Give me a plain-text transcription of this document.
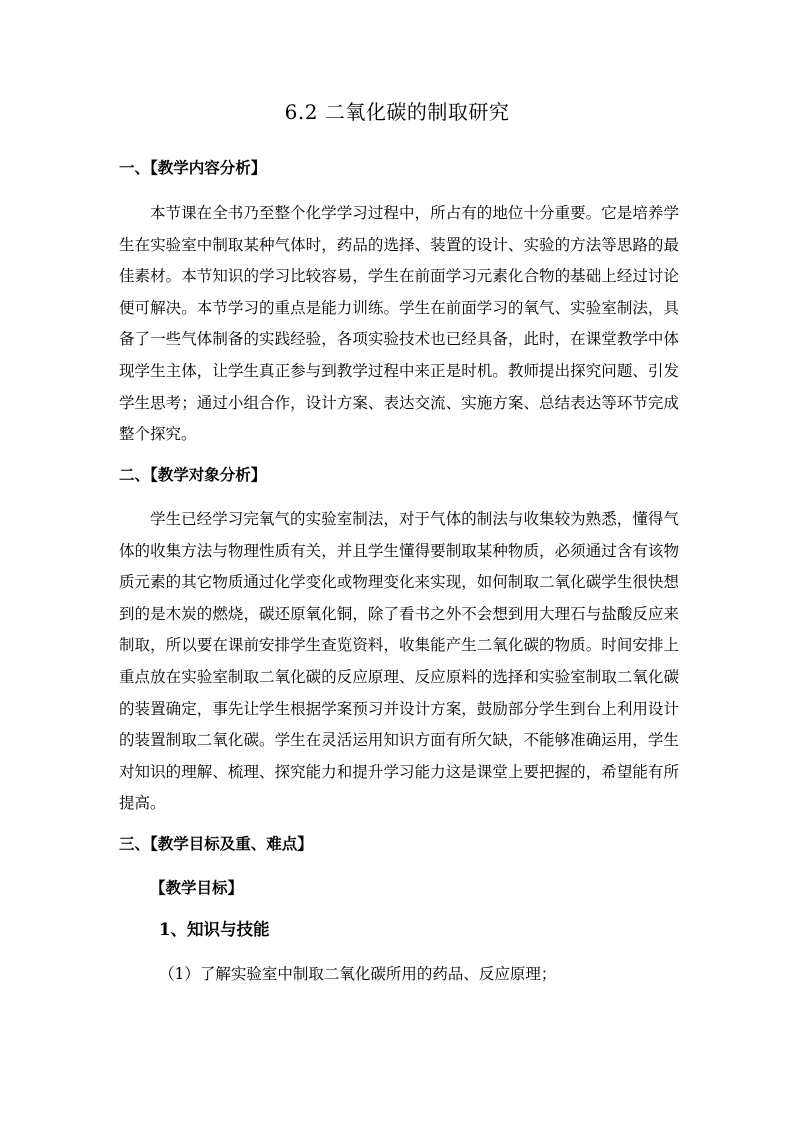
6.2 二氧化碳的制取研究
一、【教学内容分析】

本节课在全书乃至整个化学学习过程中，所占有的地位十分重要。它是培养学生在实验室中制取某种气体时，药品的选择、装置的设计、实验的方法等思路的最佳素材。本节知识的学习比较容易，学生在前面学习元素化合物的基础上经过讨论便可解决。本节学习的重点是能力训练。学生在前面学习的氧气、实验室制法，具备了一些气体制备的实践经验，各项实验技术也已经具备，此时，在课堂教学中体现学生主体，让学生真正参与到教学过程中来正是时机。教师提出探究问题、引发学生思考；通过小组合作，设计方案、表达交流、实施方案、总结表达等环节完成整个探究。

二、【教学对象分析】

学生已经学习完氧气的实验室制法，对于气体的制法与收集较为熟悉，懂得气体的收集方法与物理性质有关，并且学生懂得要制取某种物质，必须通过含有该物质元素的其它物质通过化学变化或物理变化来实现，如何制取二氧化碳学生很快想到的是木炭的燃烧，碳还原氧化铜，除了看书之外不会想到用大理石与盐酸反应来制取，所以要在课前安排学生查览资料，收集能产生二氧化碳的物质。时间安排上重点放在实验室制取二氧化碳的反应原理、反应原料的选择和实验室制取二氧化碳的装置确定，事先让学生根据学案预习并设计方案，鼓励部分学生到台上利用设计的装置制取二氧化碳。学生在灵活运用知识方面有所欠缺，不能够准确运用，学生对知识的理解、梳理、探究能力和提升学习能力这是课堂上要把握的，希望能有所提高。

三、【教学目标及重、难点】
【教学目标】
1、知识与技能
（1）了解实验室中制取二氧化碳所用的药品、反应原理；
